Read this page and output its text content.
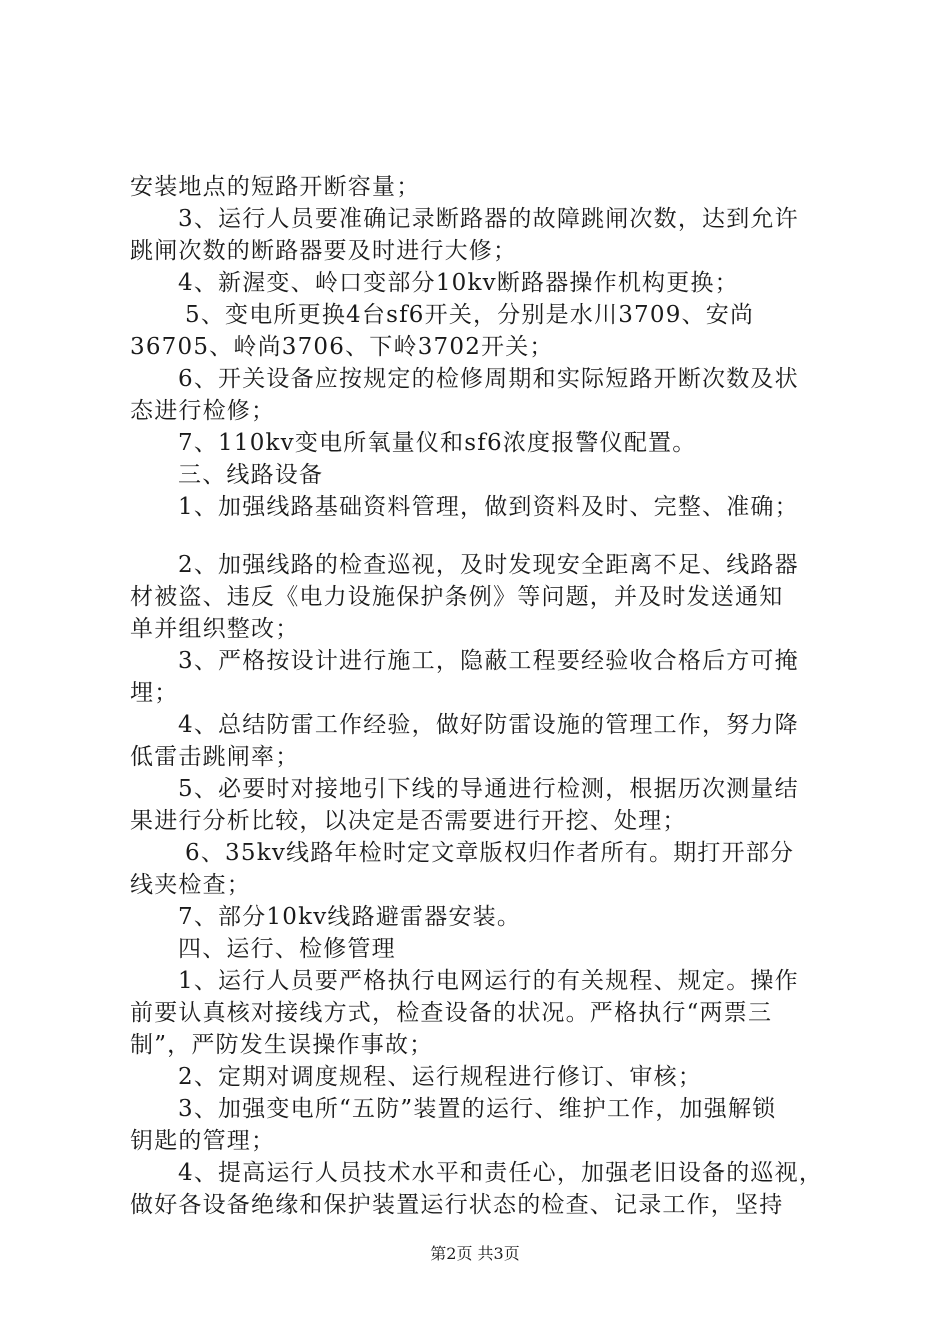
安装地点的短路开断容量；
3、运行人员要准确记录断路器的故障跳闸次数，达到允许
跳闸次数的断路器要及时进行大修；
4、新渥变、岭口变部分10kv断路器操作机构更换；
5、变电所更换4台sf6开关，分别是水川3709、安尚
36705、岭尚3706、下岭3702开关；
6、开关设备应按规定的检修周期和实际短路开断次数及状
态进行检修；
7、110kv变电所氧量仪和sf6浓度报警仪配置。
三、线路设备
1、加强线路基础资料管理，做到资料及时、完整、准确；
2、加强线路的检查巡视，及时发现安全距离不足、线路器
材被盗、违反《电力设施保护条例》等问题，并及时发送通知
单并组织整改；
3、严格按设计进行施工，隐蔽工程要经验收合格后方可掩
埋；
4、总结防雷工作经验，做好防雷设施的管理工作，努力降
低雷击跳闸率；
5、必要时对接地引下线的导通进行检测，根据历次测量结
果进行分析比较，以决定是否需要进行开挖、处理；
6、35kv线路年检时定文章版权归作者所有。期打开部分
线夹检查；
7、部分10kv线路避雷器安装。
四、运行、检修管理
1、运行人员要严格执行电网运行的有关规程、规定。操作
前要认真核对接线方式，检查设备的状况。严格执行“两票三
制”，严防发生误操作事故；
2、定期对调度规程、运行规程进行修订、审核；
3、加强变电所“五防”装置的运行、维护工作，加强解锁
钥匙的管理；
4、提高运行人员技术水平和责任心，加强老旧设备的巡视，
做好各设备绝缘和保护装置运行状态的检查、记录工作，坚持
第2页 共3页
